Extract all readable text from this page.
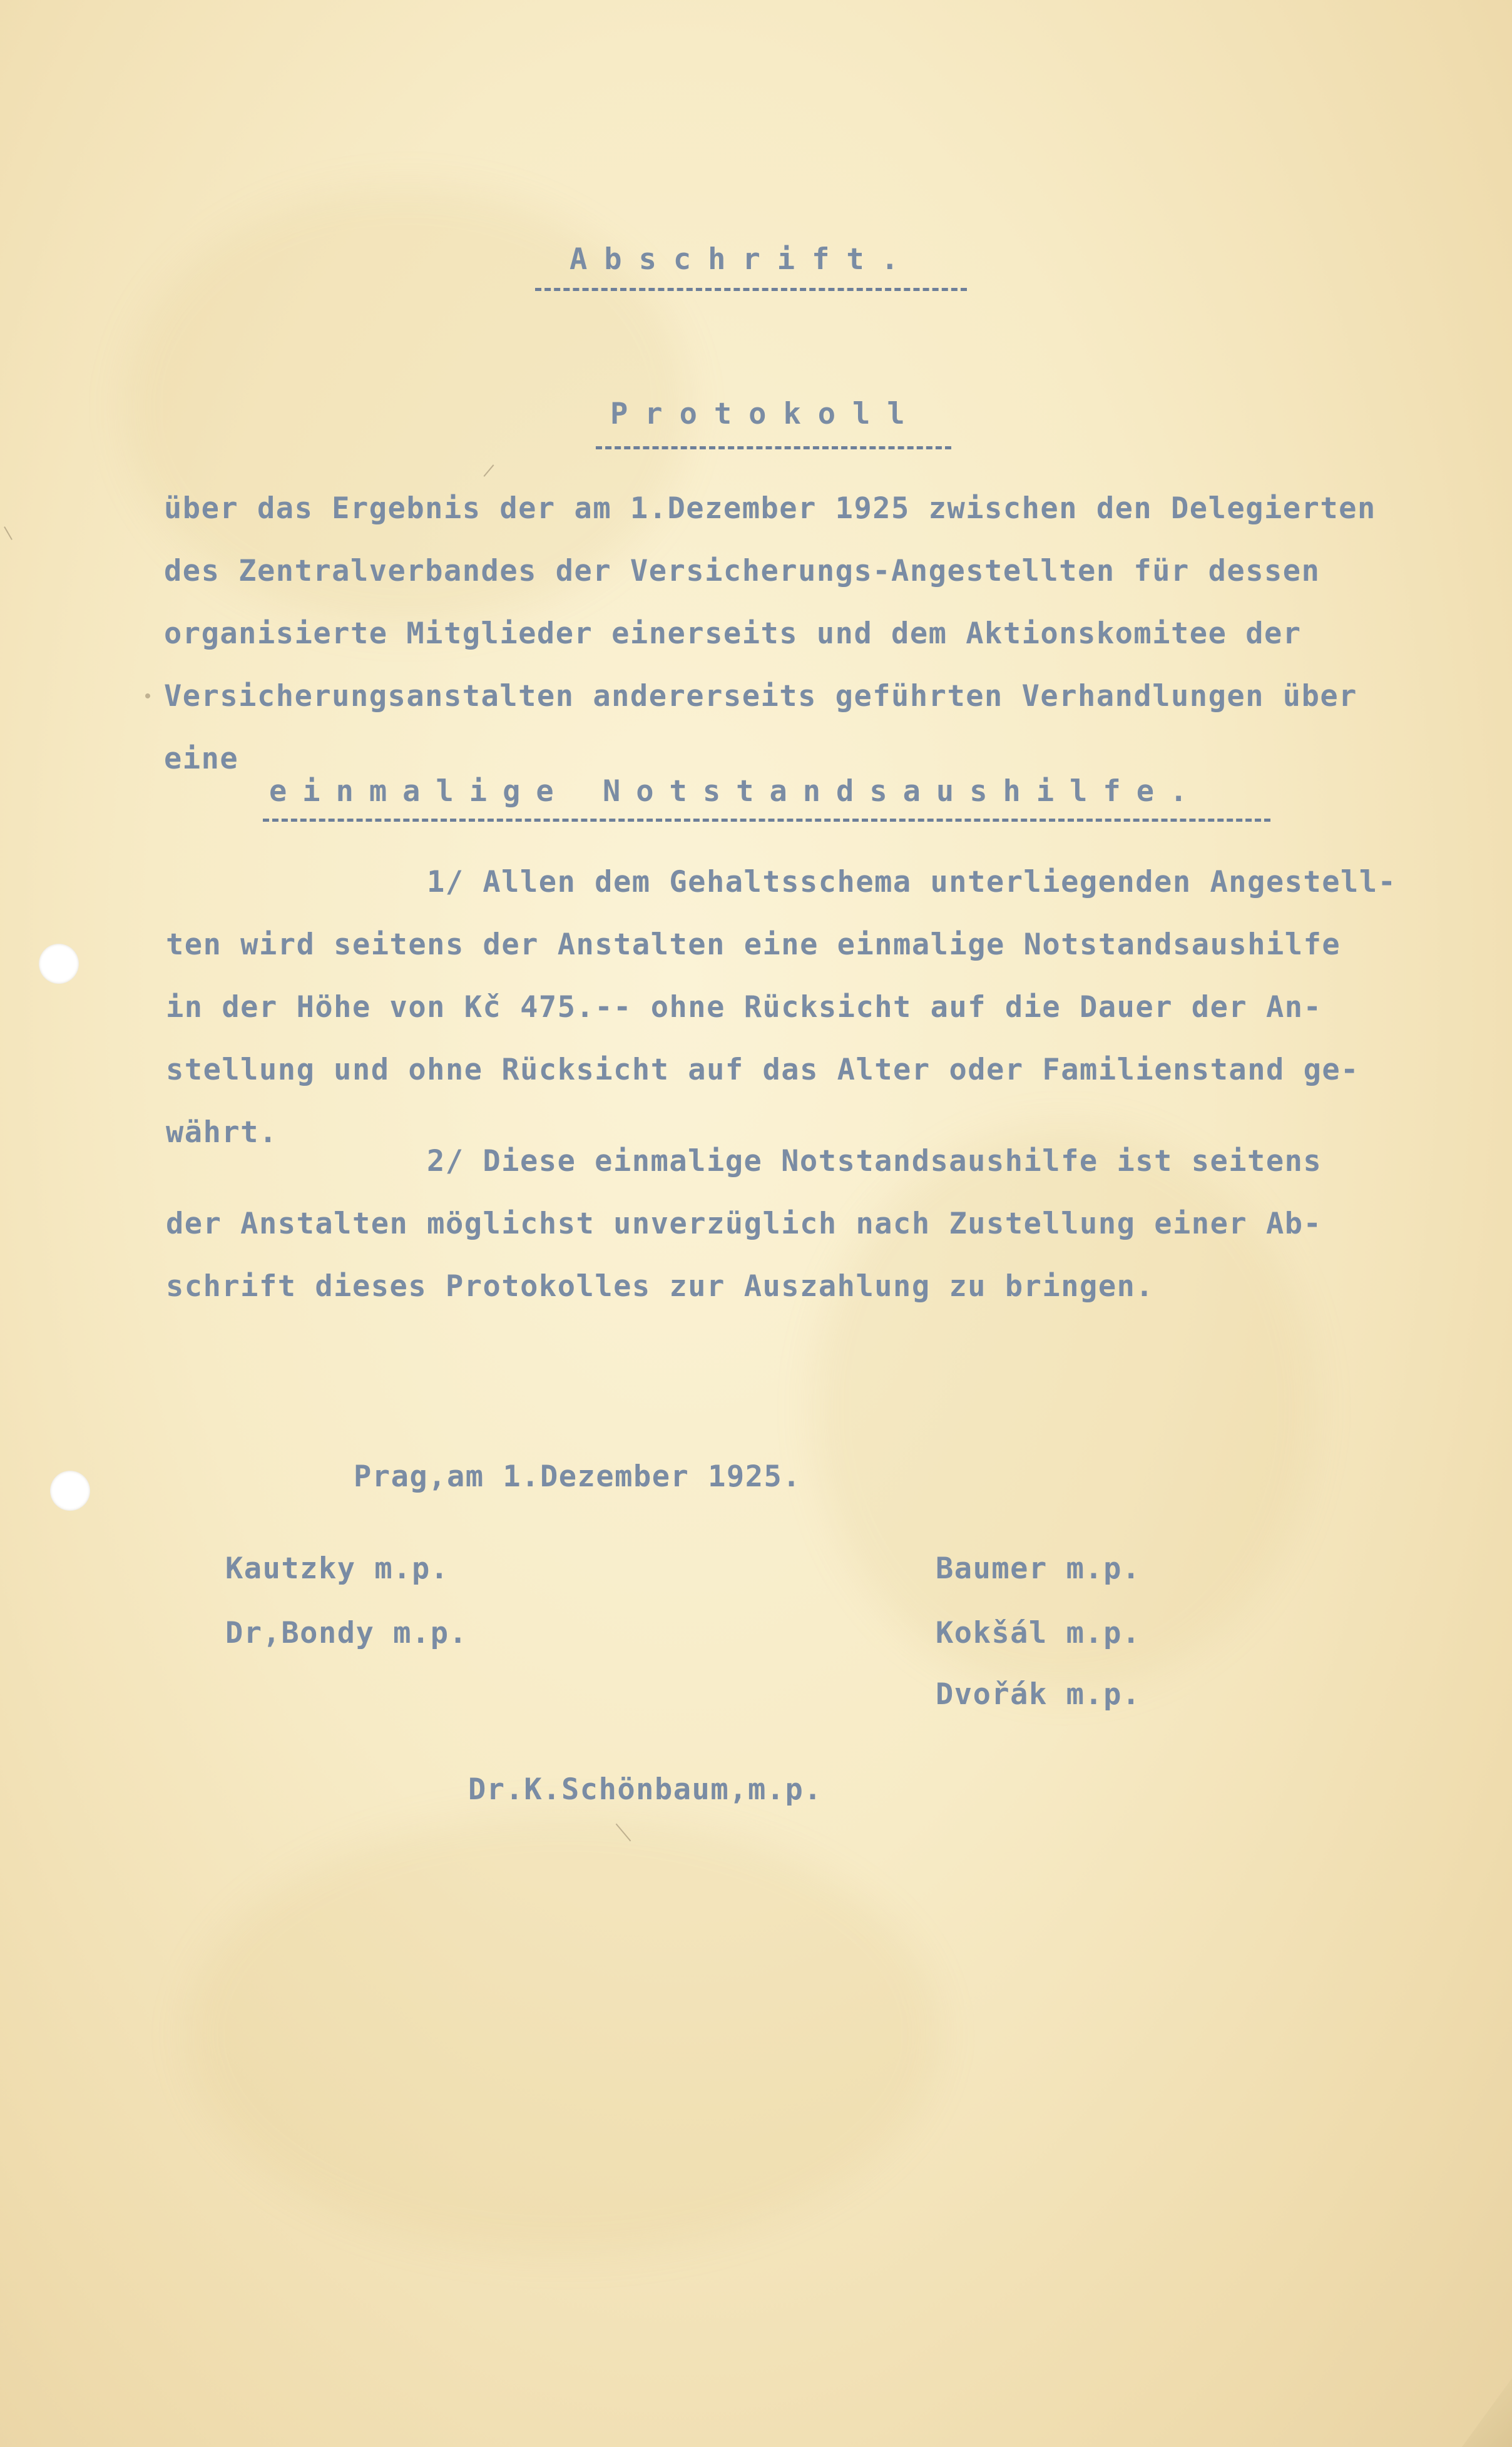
Abschrift.
Protokoll
über das Ergebnis der am 1.Dezember 1925 zwischen den Delegierten
des Zentralverbandes der Versicherungs-Angestellten für dessen
organisierte Mitglieder einerseits und dem Aktionskomitee der
Versicherungsanstalten andererseits geführten Verhandlungen über
eine
einmalige Notstandsaushilfe.
1/ Allen dem Gehaltsschema unterliegenden Angestell-
ten wird seitens der Anstalten eine einmalige Notstandsaushilfe
in der Höhe von Kč 475.-- ohne Rücksicht auf die Dauer der An-
stellung und ohne Rücksicht auf das Alter oder Familienstand ge-
währt.
2/ Diese einmalige Notstandsaushilfe ist seitens
der Anstalten möglichst unverzüglich nach Zustellung einer Ab-
schrift dieses Protokolles zur Auszahlung zu bringen.
Prag,am 1.Dezember 1925.
Kautzky m.p.
Dr,Bondy m.p.
Baumer m.p.
Kokšál m.p.
Dvořák m.p.
Dr.K.Schönbaum,m.p.
